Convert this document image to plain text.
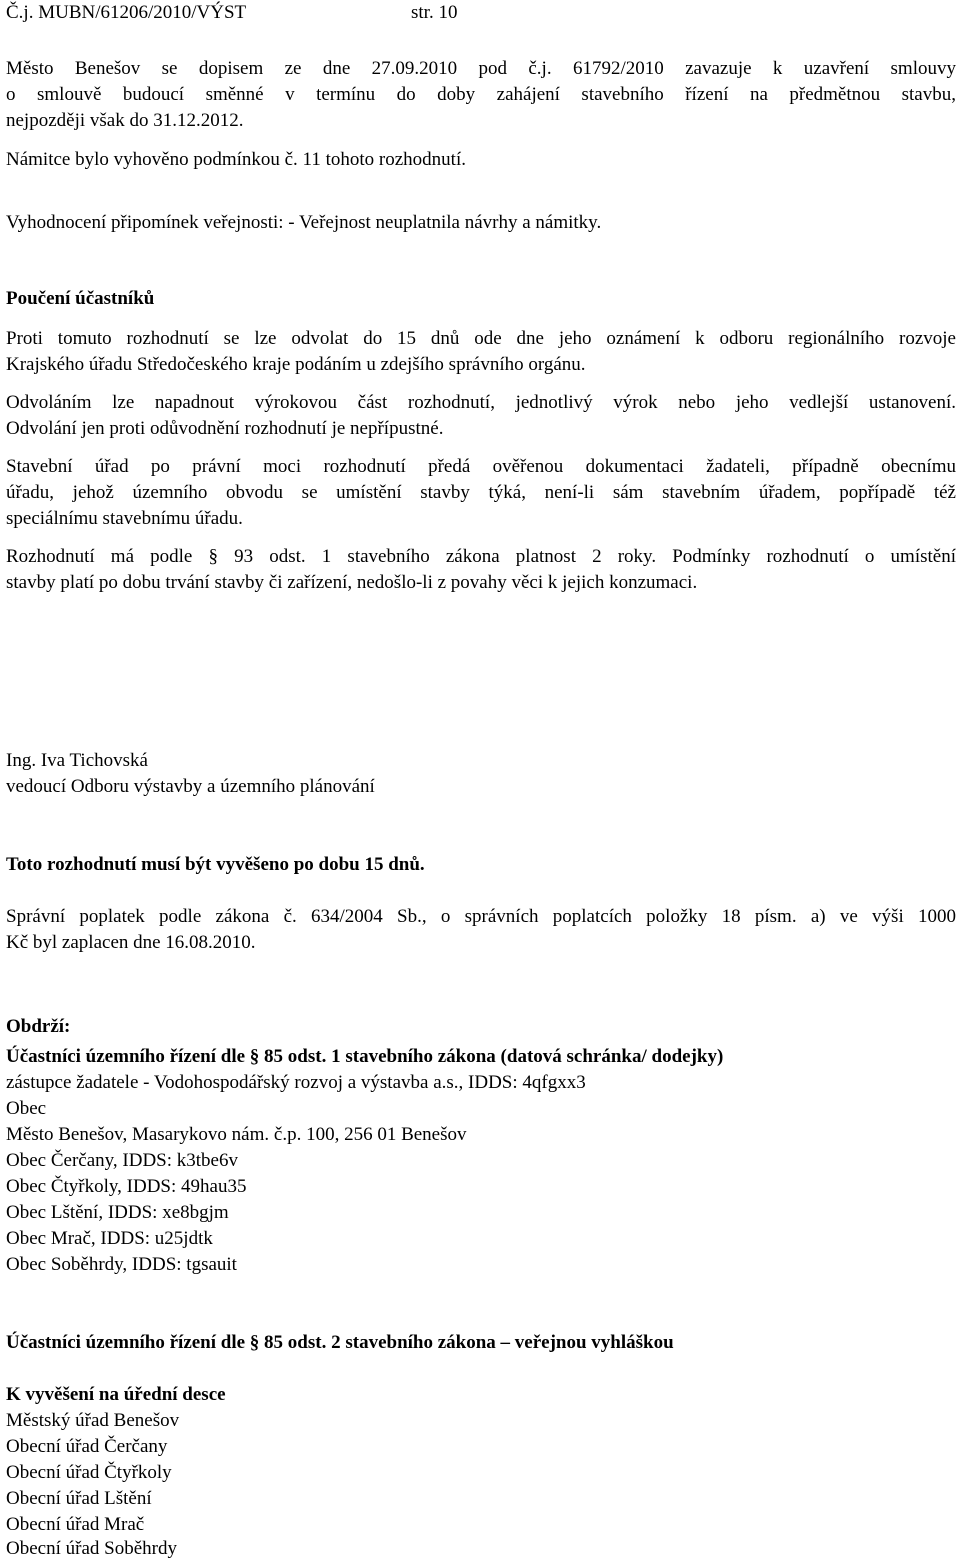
Č.j. MUBN/61206/2010/VÝST	str. 10
Město Benešov se dopisem ze dne 27.09.2010 pod č.j. 61792/2010 zavazuje k uzavření smlouvy
o smlouvě budoucí směnné v termínu do doby zahájení stavebního řízení na předmětnou stavbu,
nejpozději však do 31.12.2012.
Námitce bylo vyhověno podmínkou č. 11 tohoto rozhodnutí.
Vyhodnocení připomínek veřejnosti: - Veřejnost neuplatnila návrhy a námitky.
Poučení účastníků
Proti tomuto rozhodnutí se lze odvolat do 15 dnů ode dne jeho oznámení k odboru regionálního rozvoje
Krajského úřadu Středočeského kraje podáním u zdejšího správního orgánu.
Odvoláním lze napadnout výrokovou část rozhodnutí, jednotlivý výrok nebo jeho vedlejší ustanovení.
Odvolání jen proti odůvodnění rozhodnutí je nepřípustné.
Stavební úřad po právní moci rozhodnutí předá ověřenou dokumentaci žadateli, případně obecnímu
úřadu, jehož územního obvodu se umístění stavby týká, není-li sám stavebním úřadem, popřípadě též
speciálnímu stavebnímu úřadu.
Rozhodnutí má podle § 93 odst. 1 stavebního zákona platnost 2 roky. Podmínky rozhodnutí o umístění
stavby platí po dobu trvání stavby či zařízení, nedošlo-li z povahy věci k jejich konzumaci.
Ing. Iva Tichovská
vedoucí Odboru výstavby a územního plánování
Toto rozhodnutí musí být vyvěšeno po dobu 15 dnů.
Správní poplatek podle zákona č. 634/2004 Sb., o správních poplatcích položky 18 písm. a) ve výši 1000
Kč byl zaplacen dne 16.08.2010.
Obdrží:
Účastníci územního řízení dle § 85 odst. 1 stavebního zákona (datová schránka/ dodejky)
zástupce žadatele - Vodohospodářský rozvoj a výstavba a.s., IDDS: 4qfgxx3
Obec
Město Benešov, Masarykovo nám. č.p. 100, 256 01 Benešov
Obec Čerčany, IDDS: k3tbe6v
Obec Čtyřkoly, IDDS: 49hau35
Obec Lštění, IDDS: xe8bgjm
Obec Mrač, IDDS: u25jdtk
Obec Soběhrdy, IDDS: tgsauit
Účastníci územního řízení dle § 85 odst. 2 stavebního zákona – veřejnou vyhláškou
K vyvěšení na úřední desce
Městský úřad Benešov
Obecní úřad Čerčany
Obecní úřad Čtyřkoly
Obecní úřad Lštění
Obecní úřad Mrač
Obecní úřad Soběhrdy
